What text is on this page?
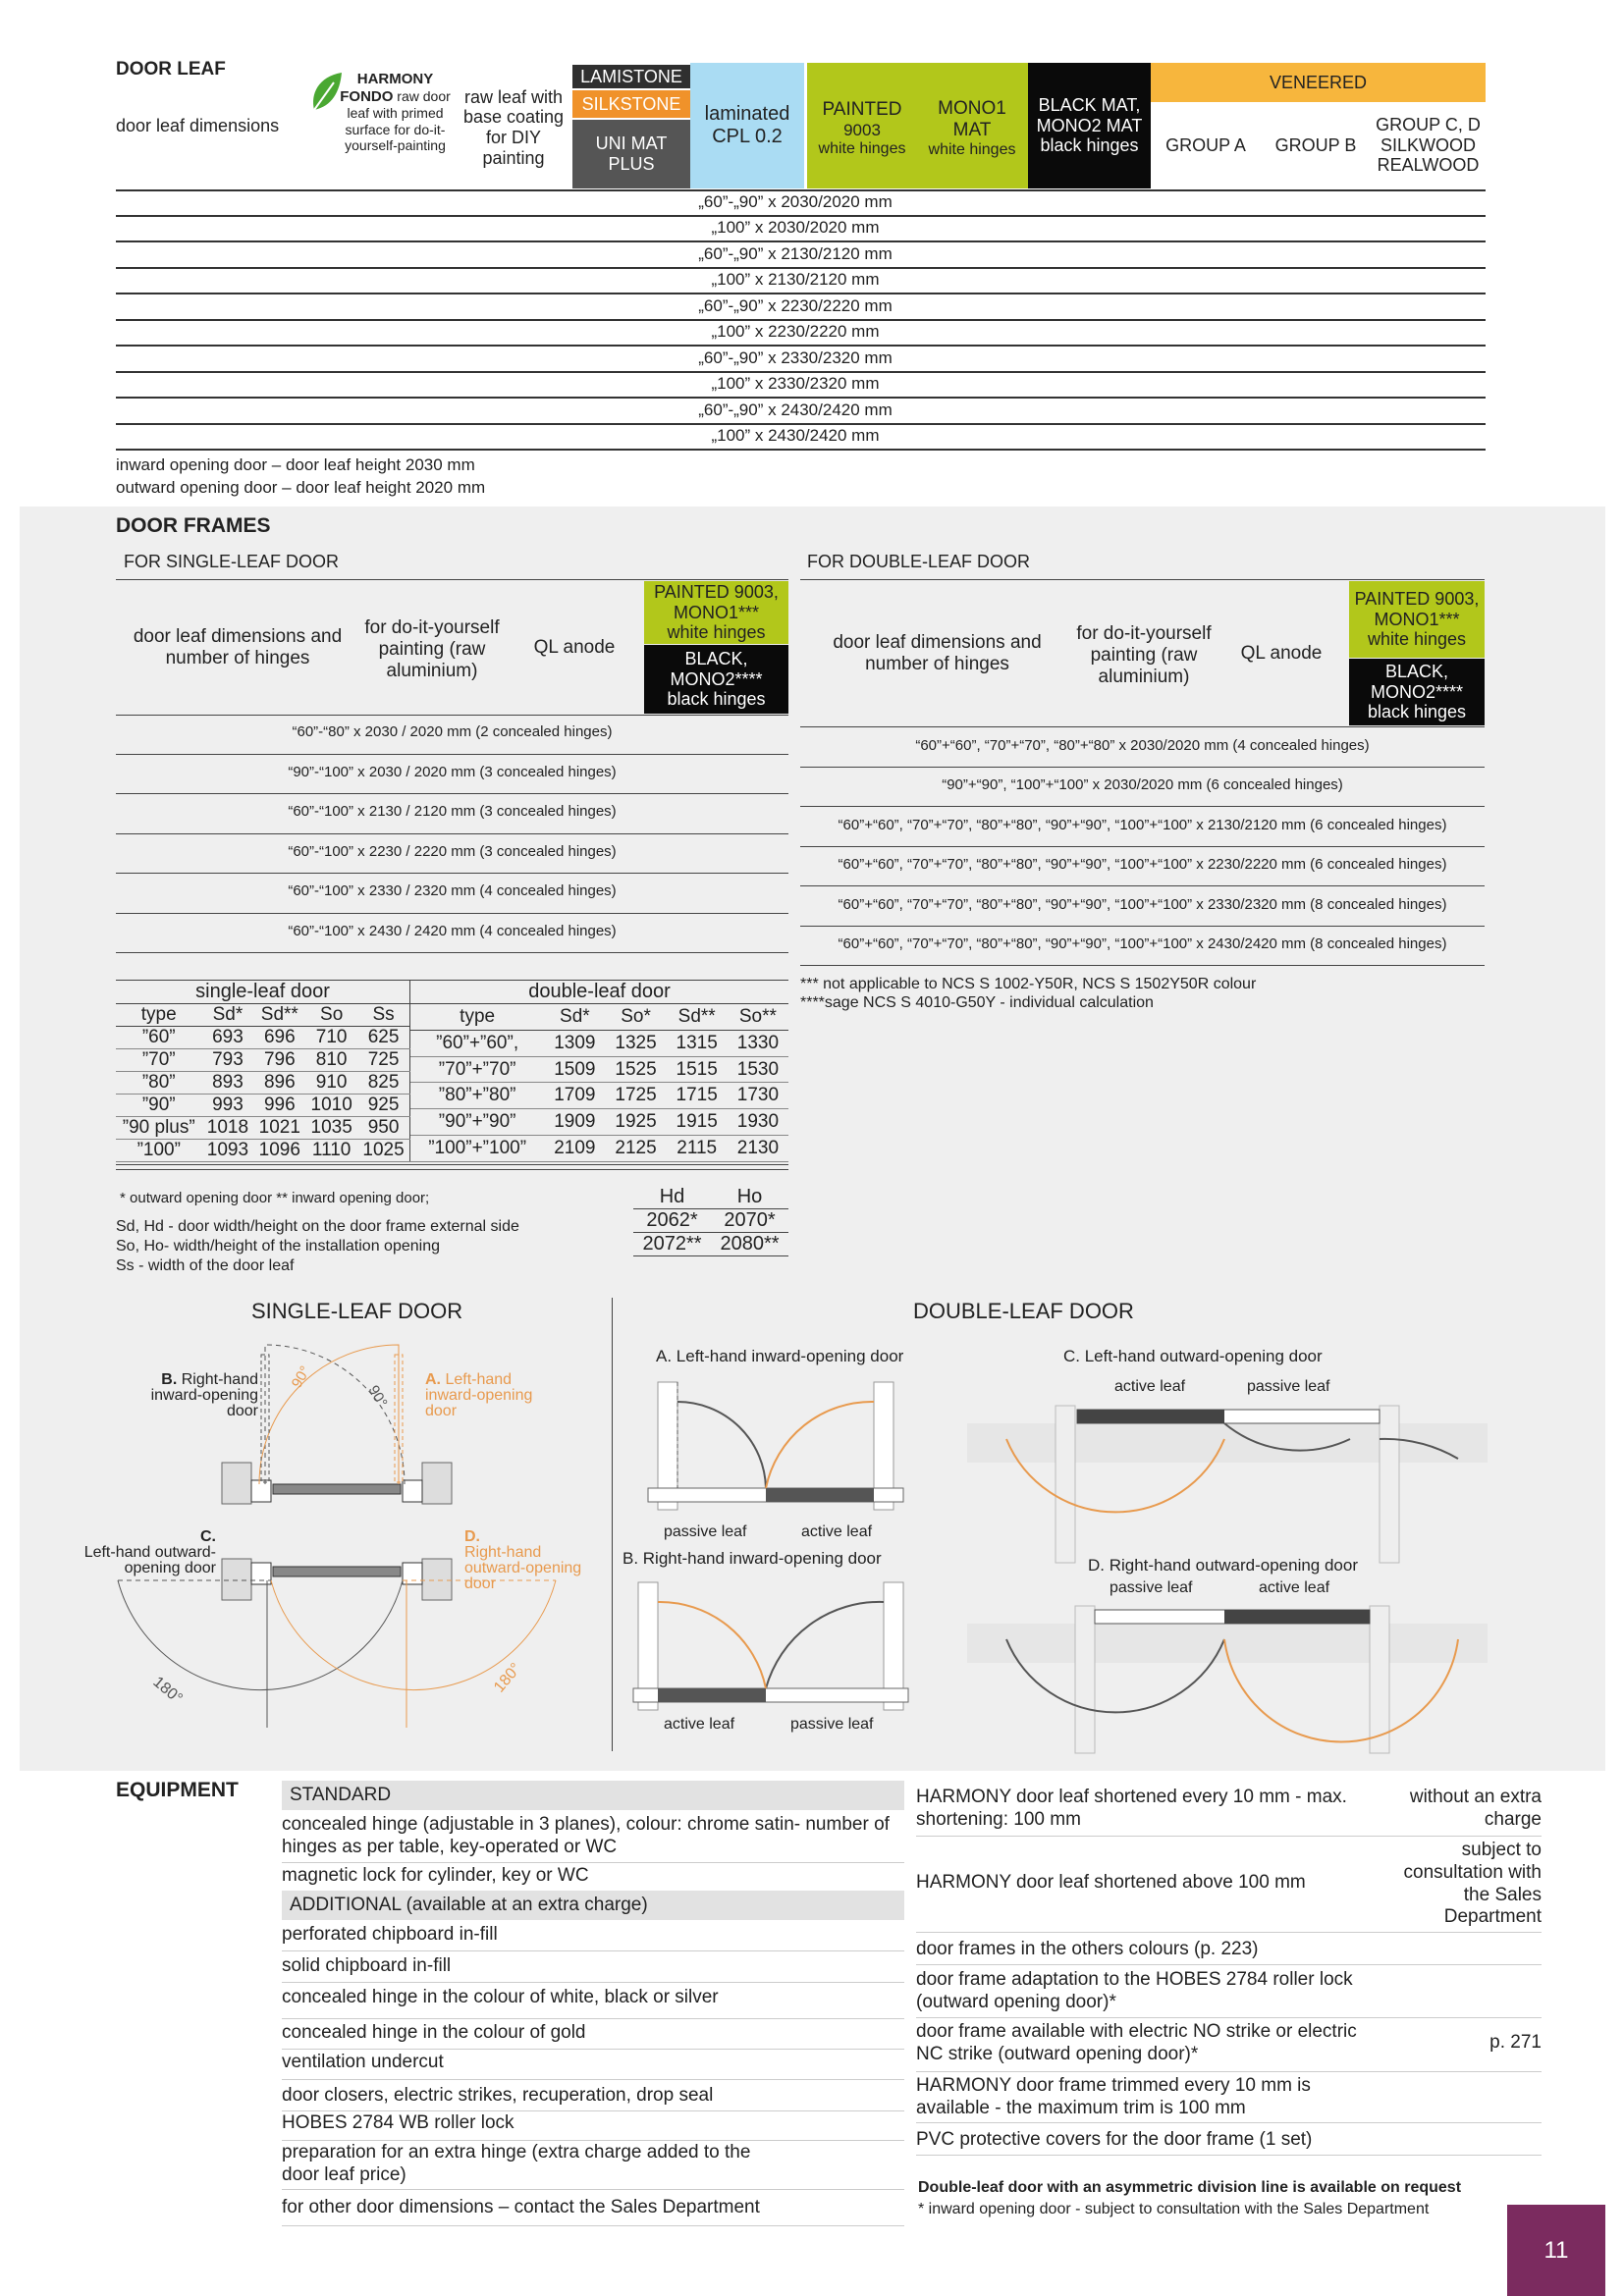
DOOR LEAF
door leaf dimensions
HARMONY FONDO raw door leaf with primed surface for do-it-yourself-painting
raw leaf with base coating for DIY painting
LAMISTONE
SILKSTONE
UNI MAT PLUS
laminated CPL 0.2
PAINTED
9003
white hinges
MONO1 MAT
white hinges
BLACK MAT, MONO2 MAT
black hinges
VENEERED
GROUP A	GROUP B
GROUP C, D SILKWOOD REALWOOD
„60”-„90” x 2030/2020 mm
„100” x 2030/2020 mm
„60”-„90” x 2130/2120 mm
„100” x 2130/2120 mm
„60”-„90” x 2230/2220 mm
„100” x 2230/2220 mm
„60”-„90” x 2330/2320 mm
„100” x 2330/2320 mm
„60”-„90” x 2430/2420 mm
„100” x 2430/2420 mm
inward opening door – door leaf height 2030 mm
outward opening door – door leaf height 2020 mm
DOOR FRAMES
FOR SINGLE-LEAF DOOR
door leaf dimensions and number of hinges
for do-it-yourself painting (raw aluminium)
QL anode
PAINTED 9003, MONO1***
white hinges
BLACK, MONO2****
black hinges
“60”-“80” x 2030 / 2020 mm (2 concealed hinges)
“90”-“100” x 2030 / 2020 mm (3 concealed hinges)
“60”-“100” x 2130 / 2120 mm (3 concealed hinges)
“60”-“100” x 2230 / 2220 mm (3 concealed hinges)
“60”-“100” x 2330 / 2320 mm (4 concealed hinges)
“60”-“100” x 2430 / 2420 mm (4 concealed hinges)
FOR DOUBLE-LEAF DOOR
door leaf dimensions and number of hinges
for do-it-yourself painting (raw aluminium)
QL anode
PAINTED 9003, MONO1***
white hinges
BLACK, MONO2****
black hinges
“60”+“60”, “70”+“70”, “80”+“80” x 2030/2020 mm (4 concealed hinges)
“90”+“90”, “100”+“100” x 2030/2020 mm (6 concealed hinges)
“60”+“60”, “70”+“70”, “80”+“80”, “90”+“90”, “100”+“100” x 2130/2120 mm (6 concealed hinges)
“60”+“60”, “70”+“70”, “80”+“80”, “90”+“90”, “100”+“100” x 2230/2220 mm (6 concealed hinges)
“60”+“60”, “70”+“70”, “80”+“80”, “90”+“90”, “100”+“100” x 2330/2320 mm (8 concealed hinges)
“60”+“60”, “70”+“70”, “80”+“80”, “90”+“90”, “100”+“100” x 2430/2420 mm (8 concealed hinges)
*** not applicable to NCS S 1002-Y50R, NCS S 1502Y50R colour
****sage NCS S 4010-G50Y - individual calculation
single-leaf door	double-leaf door
type	Sd*	Sd**	So	Ss
”60”	693	696	710	625
”70”	793	796	810	725
”80”	893	896	910	825
”90”	993	996	1010	925
”90 plus”	1018	1021	1035	950
”100”	1093	1096	1110	1025
type	Sd*	So*	Sd**	So**
”60”+”60”,	1309	1325	1315	1330
”70”+”70”	1509	1525	1515	1530
”80”+”80”	1709	1725	1715	1730
”90”+”90”	1909	1925	1915	1930
”100”+”100”	2109	2125	2115	2130
* outward opening door ** inward opening door;
Sd, Hd - door width/height on the door frame external side
So, Ho- width/height of the installation opening
Ss - width of the door leaf
Hd	Ho
2062*	2070*
2072** 2080**
SINGLE-LEAF DOOR	DOUBLE-LEAF DOOR
90°
90°
180°	180°
B. Right-hand inward-opening door
A. Left-hand inward-opening door
C.
Left-hand outward-opening door
D.
Right-hand outward-opening door
A. Left-hand inward-opening door
passive leaf	active leaf
B. Right-hand inward-opening door
active leaf	passive leaf
C. Left-hand outward-opening door
active leaf	passive leaf
D. Right-hand outward-opening door
passive leaf	active leaf
EQUIPMENT	STANDARD
concealed hinge (adjustable in 3 planes), colour: chrome satin- number of hinges as per table, key-operated or WC
magnetic lock for cylinder, key or WC
ADDITIONAL (available at an extra charge)
perforated chipboard in-fill
solid chipboard in-fill
concealed hinge in the colour of white, black or silver
concealed hinge in the colour of gold
ventilation undercut
door closers, electric strikes, recuperation, drop seal
HOBES 2784 WB roller lock
preparation for an extra hinge (extra charge added to the door leaf price)
for other door dimensions – contact the Sales Department
HARMONY door leaf shortened every 10 mm - max. shortening: 100 mm
without an extra charge
HARMONY door leaf shortened above 100 mm
subject to consultation with the Sales Department
door frames in the others colours (p. 223)
door frame adaptation to the HOBES 2784 roller lock (outward opening door)*
door frame available with electric NO strike or electric NC strike (outward opening door)*
p. 271
HARMONY door frame trimmed every 10 mm is available - the maximum trim is 100 mm
PVC protective covers for the door frame (1 set)
Double-leaf door with an asymmetric division line is available on request
* inward opening door - subject to consultation with the Sales Department
11
